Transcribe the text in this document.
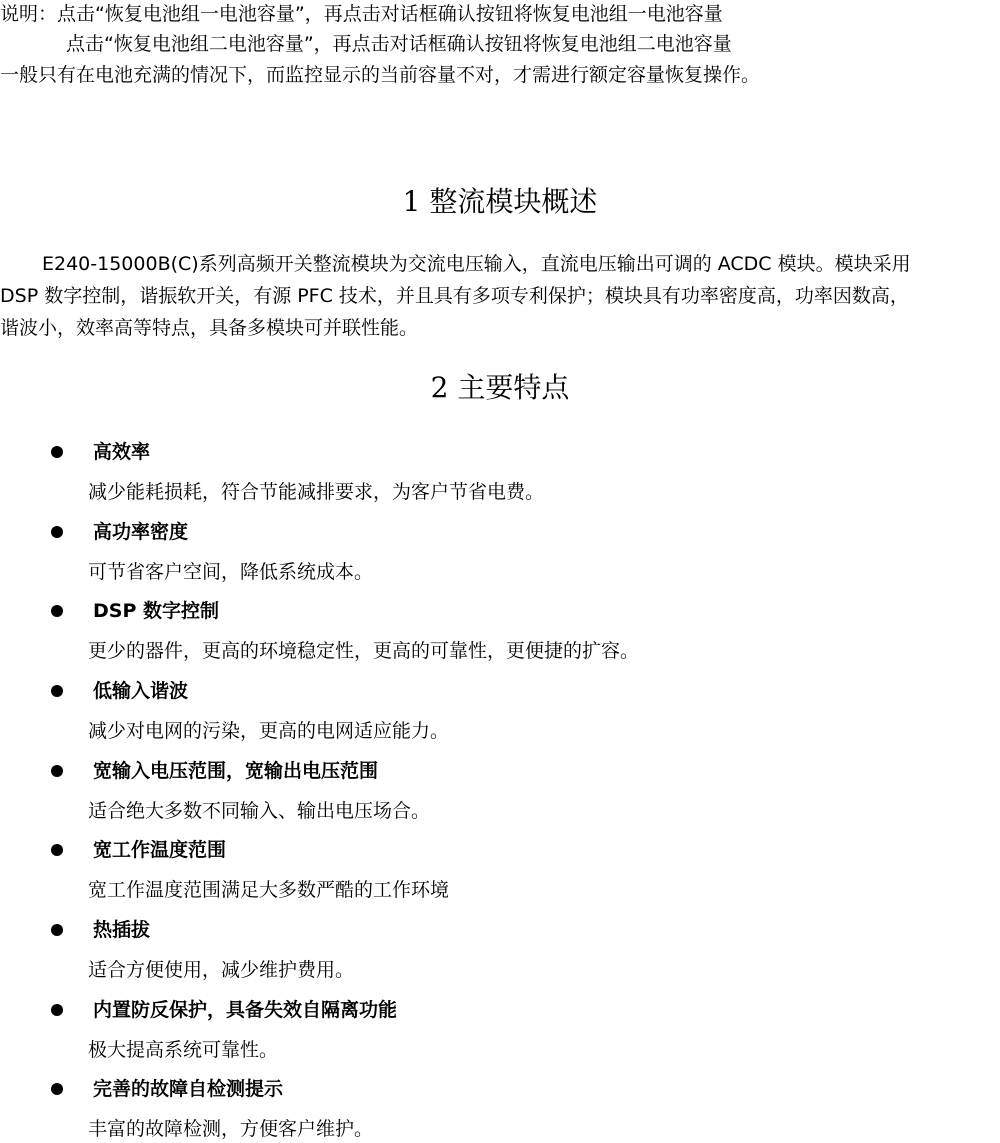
说明：点击“恢复电池组一电池容量”，再点击对话框确认按钮将恢复电池组一电池容量
点击“恢复电池组二电池容量”，再点击对话框确认按钮将恢复电池组二电池容量
一般只有在电池充满的情况下，而监控显示的当前容量不对，才需进行额定容量恢复操作。
1 整流模块概述
E240-15000B(C)系列高频开关整流模块为交流电压输入，直流电压输出可调的 ACDC 模块。模块采用
DSP 数字控制，谐振软开关，有源 PFC 技术，并且具有多项专利保护；模块具有功率密度高，功率因数高，
谐波小，效率高等特点，具备多模块可并联性能。
2 主要特点
高效率
减少能耗损耗，符合节能减排要求，为客户节省电费。
高功率密度
可节省客户空间，降低系统成本。
DSP 数字控制
更少的器件，更高的环境稳定性，更高的可靠性，更便捷的扩容。
低输入谐波
减少对电网的污染，更高的电网适应能力。
宽输入电压范围，宽输出电压范围
适合绝大多数不同输入、输出电压场合。
宽工作温度范围
宽工作温度范围满足大多数严酷的工作环境
热插拔
适合方便使用，减少维护费用。
内置防反保护，具备失效自隔离功能
极大提高系统可靠性。
完善的故障自检测提示
丰富的故障检测，方便客户维护。
